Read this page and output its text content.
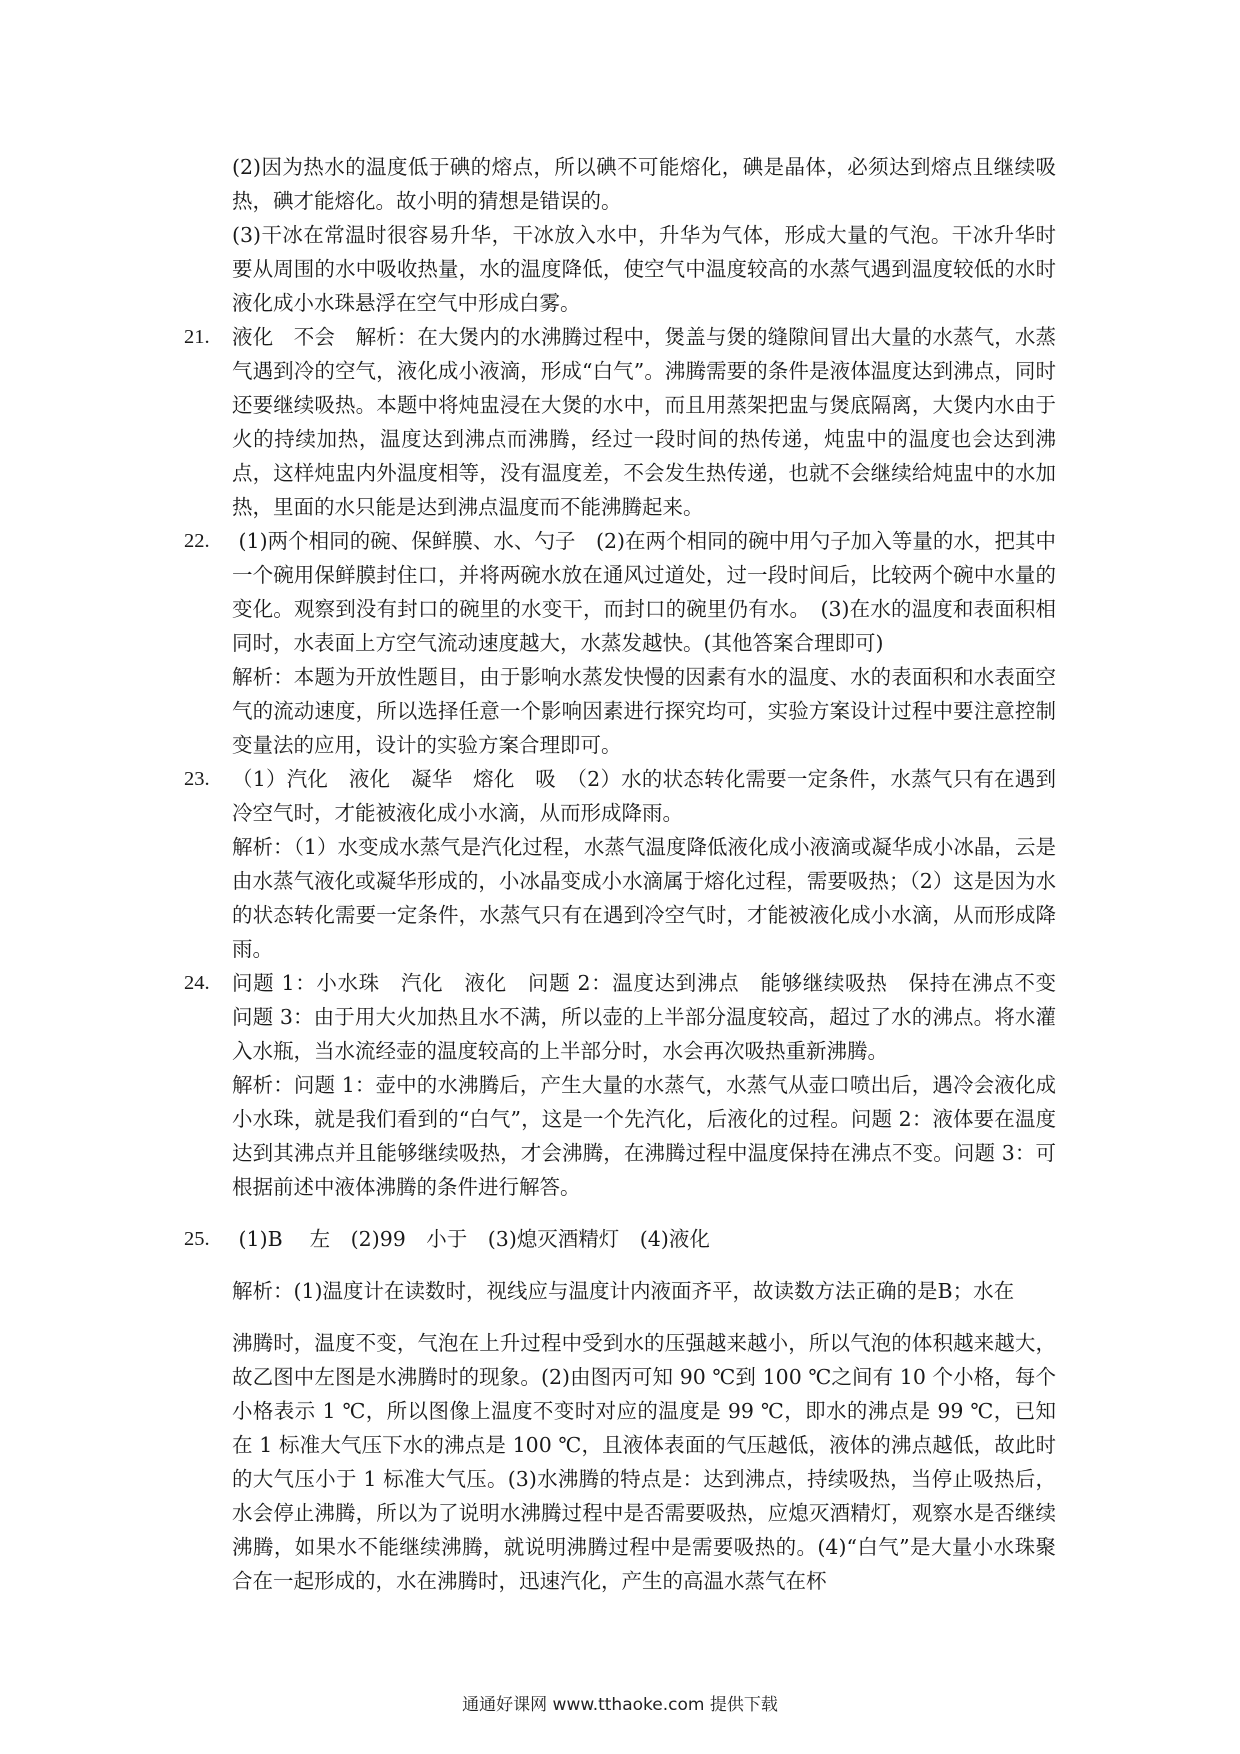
(2)因为热水的温度低于碘的熔点，所以碘不可能熔化，碘是晶体，必须达到熔点且继续吸热，碘才能熔化。故小明的猜想是错误的。

(3)干冰在常温时很容易升华，干冰放入水中，升华为气体，形成大量的气泡。干冰升华时要从周围的水中吸收热量，水的温度降低，使空气中温度较高的水蒸气遇到温度较低的水时液化成小水珠悬浮在空气中形成白雾。

21. 液化　不会　解析：在大煲内的水沸腾过程中，煲盖与煲的缝隙间冒出大量的水蒸气，水蒸气遇到冷的空气，液化成小液滴，形成“白气”。沸腾需要的条件是液体温度达到沸点，同时还要继续吸热。本题中将炖盅浸在大煲的水中，而且用蒸架把盅与煲底隔离，大煲内水由于火的持续加热，温度达到沸点而沸腾，经过一段时间的热传递，炖盅中的温度也会达到沸点，这样炖盅内外温度相等，没有温度差，不会发生热传递，也就不会继续给炖盅中的水加热，里面的水只能是达到沸点温度而不能沸腾起来。

22. (1)两个相同的碗、保鲜膜、水、勺子　(2)在两个相同的碗中用勺子加入等量的水，把其中一个碗用保鲜膜封住口，并将两碗水放在通风过道处，过一段时间后，比较两个碗中水量的变化。观察到没有封口的碗里的水变干，而封口的碗里仍有水。　(3)在水的温度和表面积相同时，水表面上方空气流动速度越大，水蒸发越快。(其他答案合理即可)

解析：本题为开放性题目，由于影响水蒸发快慢的因素有水的温度、水的表面积和水表面空气的流动速度，所以选择任意一个影响因素进行探究均可，实验方案设计过程中要注意控制变量法的应用，设计的实验方案合理即可。

23. （1）汽化　液化　凝华　熔化　吸　（2）水的状态转化需要一定条件，水蒸气只有在遇到冷空气时，才能被液化成小水滴，从而形成降雨。

解析：（1）水变成水蒸气是汽化过程，水蒸气温度降低液化成小液滴或凝华成小冰晶，云是由水蒸气液化或凝华形成的，小冰晶变成小水滴属于熔化过程，需要吸热；（2）这是因为水的状态转化需要一定条件，水蒸气只有在遇到冷空气时，才能被液化成小水滴，从而形成降雨。

24. 问题 1：小水珠　汽化　液化　问题 2：温度达到沸点　能够继续吸热　保持在沸点不变　问题 3：由于用大火加热且水不满，所以壶的上半部分温度较高，超过了水的沸点。将水灌入水瓶，当水流经壶的温度较高的上半部分时，水会再次吸热重新沸腾。

解析：问题 1：壶中的水沸腾后，产生大量的水蒸气，水蒸气从壶口喷出后，遇冷会液化成小水珠，就是我们看到的“白气”，这是一个先汽化，后液化的过程。问题 2：液体要在温度达到其沸点并且能够继续吸热，才会沸腾，在沸腾过程中温度保持在沸点不变。问题 3：可根据前述中液体沸腾的条件进行解答。

25. (1)B　 左　(2)99　小于　(3)熄灭酒精灯　(4)液化

解析：(1)温度计在读数时，视线应与温度计内液面齐平，故读数方法正确的是B；水在

沸腾时，温度不变，气泡在上升过程中受到水的压强越来越小，所以气泡的体积越来越大，故乙图中左图是水沸腾时的现象。(2)由图丙可知 90 ℃到 100 ℃之间有 10 个小格，每个小格表示 1 ℃，所以图像上温度不变时对应的温度是 99 ℃，即水的沸点是 99 ℃，已知在 1 标准大气压下水的沸点是 100 ℃，且液体表面的气压越低，液体的沸点越低，故此时的大气压小于 1 标准大气压。(3)水沸腾的特点是：达到沸点，持续吸热，当停止吸热后，水会停止沸腾，所以为了说明水沸腾过程中是否需要吸热，应熄灭酒精灯，观察水是否继续沸腾，如果水不能继续沸腾，就说明沸腾过程中是需要吸热的。(4)“白气”是大量小水珠聚合在一起形成的，水在沸腾时，迅速汽化，产生的高温水蒸气在杯

通通好课网 www.tthaoke.com 提供下载
